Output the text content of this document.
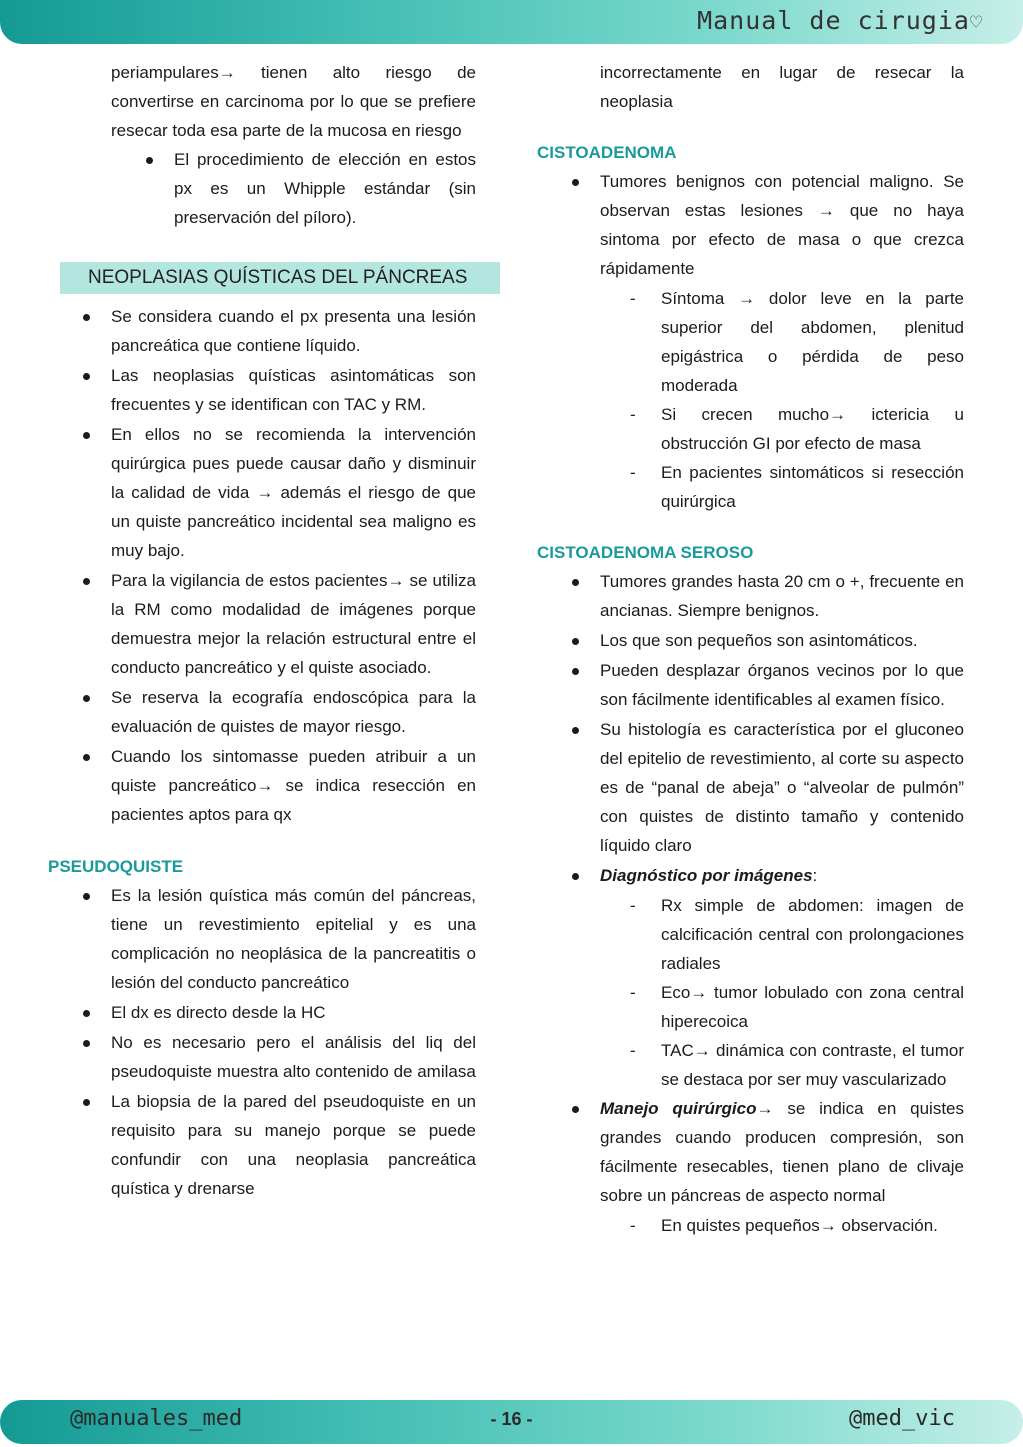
Manual de cirugia♡

periampulares→ tienen alto riesgo de convertirse en carcinoma por lo que se prefiere resecar toda esa parte de la mucosa en riesgo

El procedimiento de elección en estos px es un Whipple estándar (sin preservación del píloro).
NEOPLASIAS QUÍSTICAS DEL PÁNCREAS
Se considera cuando el px presenta una lesión pancreática que contiene líquido.
Las neoplasias quísticas asintomáticas son frecuentes y se identifican con TAC y RM.
En ellos no se recomienda la intervención quirúrgica pues puede causar daño y disminuir la calidad de vida → además el riesgo de que un quiste pancreático incidental sea maligno es muy bajo.
Para la vigilancia de estos pacientes→ se utiliza la RM como modalidad de imágenes porque demuestra mejor la relación estructural entre el conducto pancreático y el quiste asociado.
Se reserva la ecografía endoscópica para la evaluación de quistes de mayor riesgo.
Cuando los sintomasse pueden atribuir a un quiste pancreático→ se indica resección en pacientes aptos para qx

PSEUDOQUISTE

Es la lesión quística más común del páncreas, tiene un revestimiento epitelial y es una complicación no neoplásica de la pancreatitis o lesión del conducto pancreático
El dx es directo desde la HC
No es necesario pero el análisis del liq del pseudoquiste muestra alto contenido de amilasa
La biopsia de la pared del pseudoquiste en un requisito para su manejo porque se puede confundir con una neoplasia pancreática quística y drenarse

incorrectamente en lugar de resecar la neoplasia

CISTOADENOMA

Tumores benignos con potencial maligno. Se observan estas lesiones → que no haya sintoma por efecto de masa o que crezca rápidamente
- Síntoma → dolor leve en la parte superior del abdomen, plenitud epigástrica o pérdida de peso moderada
- Si crecen mucho→ ictericia u obstrucción GI por efecto de masa
- En pacientes sintomáticos si resección quirúrgica

CISTOADENOMA SEROSO

Tumores grandes hasta 20 cm o +, frecuente en ancianas. Siempre benignos.
Los que son pequeños son asintomáticos.
Pueden desplazar órganos vecinos por lo que son fácilmente identificables al examen físico.
Su histología es característica por el gluconeo del epitelio de revestimiento, al corte su aspecto es de “panal de abeja” o “alveolar de pulmón” con quistes de distinto tamaño y contenido líquido claro
Diagnóstico por imágenes:
- Rx simple de abdomen: imagen de calcificación central con prolongaciones radiales
- Eco→ tumor lobulado con zona central hiperecoica
- TAC→ dinámica con contraste, el tumor se destaca por ser muy vascularizado
Manejo quirúrgico→ se indica en quistes grandes cuando producen compresión, son fácilmente resecables, tienen plano de clivaje sobre un páncreas de aspecto normal
- En quistes pequeños→ observación.
@manuales_med	- 16 -	@med_vic
